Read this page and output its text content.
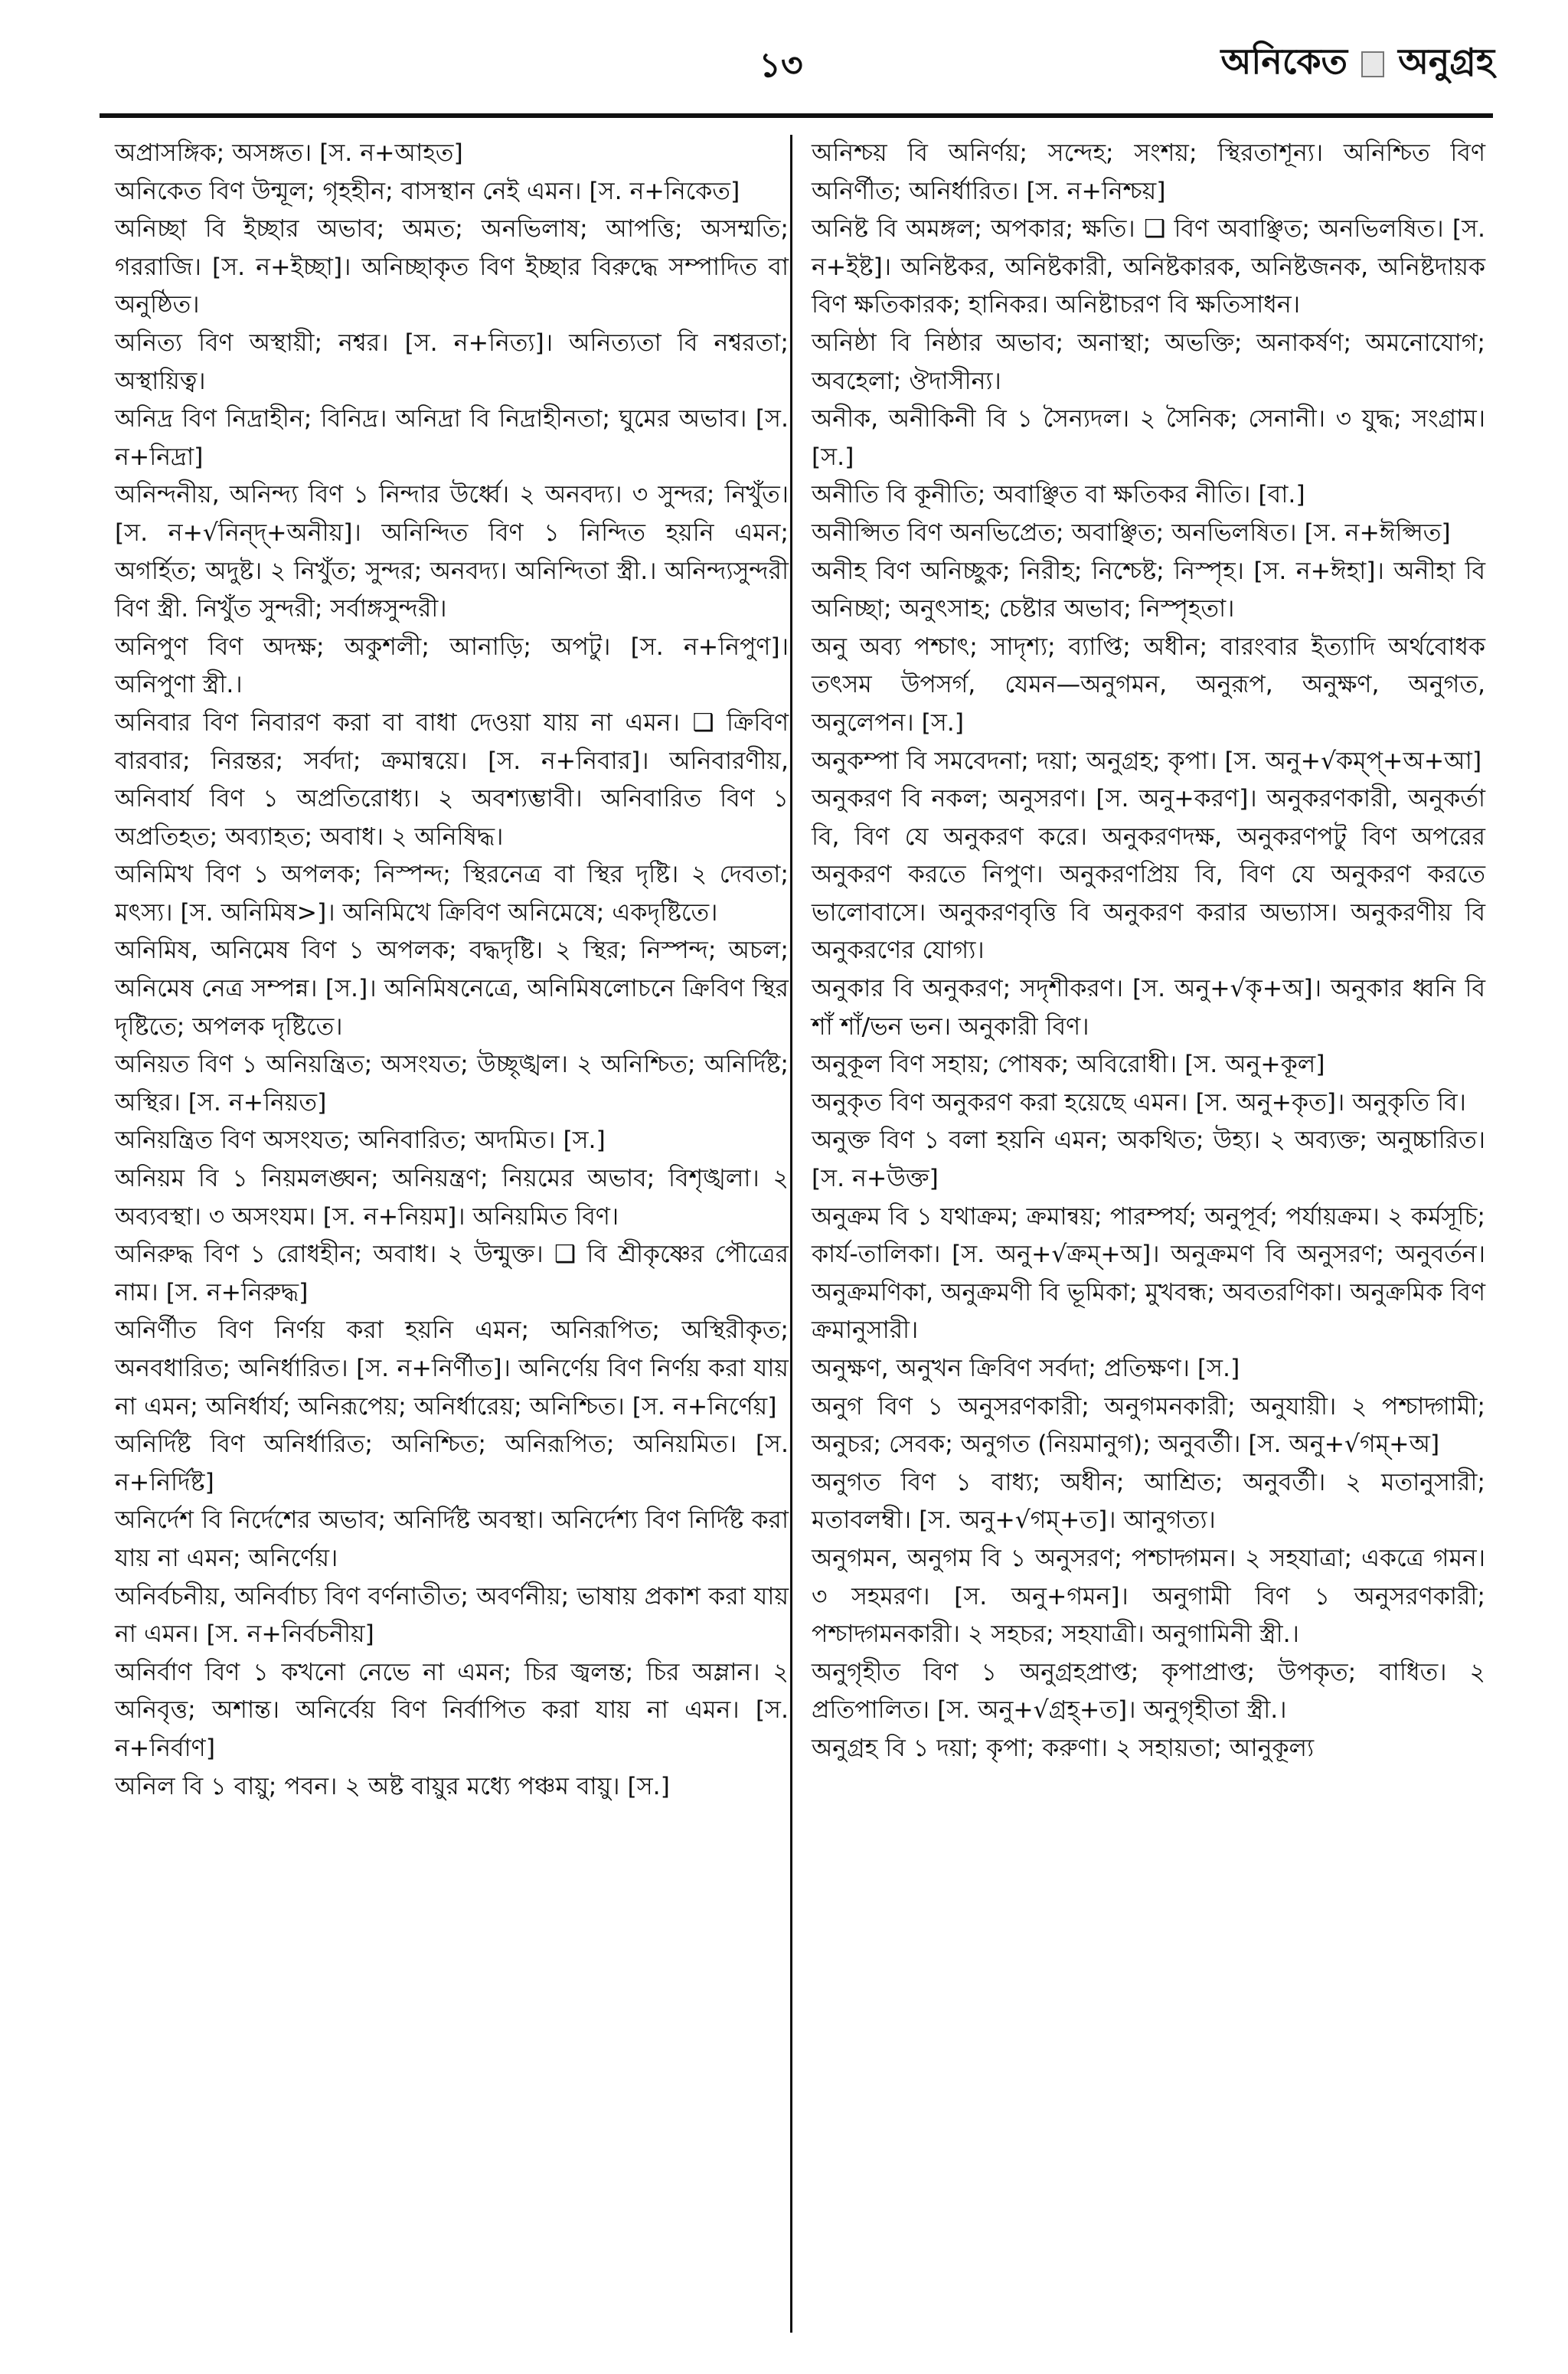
১৩	অনিকেত অনুগ্রহ

অপ্রাসঙ্গিক; অসঙ্গত। [স. ন+আহত]

অনিকেত বিণ উন্মূল; গৃহহীন; বাসস্থান নেই এমন। [স. ন+নিকেত]

অনিচ্ছা বি ইচ্ছার অভাব; অমত; অনভিলাষ; আপত্তি; অসম্মতি; গররাজি। [স. ন+ইচ্ছা]। অনিচ্ছাকৃত বিণ ইচ্ছার বিরুদ্ধে সম্পাদিত বা অনুষ্ঠিত।

অনিত্য বিণ অস্থায়ী; নশ্বর। [স. ন+নিত্য]। অনিত্যতা বি নশ্বরতা; অস্থায়িত্ব।

অনিদ্র বিণ নিদ্রাহীন; বিনিদ্র। অনিদ্রা বি নিদ্রাহীনতা; ঘুমের অভাব। [স. ন+নিদ্রা]

অনিন্দনীয়, অনিন্দ্য বিণ ১ নিন্দার উর্ধ্বে। ২ অনবদ্য। ৩ সুন্দর; নিখুঁত। [স. ন+√নিন্দ্+অনীয়]। অনিন্দিত বিণ ১ নিন্দিত হয়নি এমন; অগর্হিত; অদুষ্ট। ২ নিখুঁত; সুন্দর; অনবদ্য। অনিন্দিতা স্ত্রী.। অনিন্দ্যসুন্দরী বিণ স্ত্রী. নিখুঁত সুন্দরী; সর্বাঙ্গসুন্দরী।

অনিপুণ বিণ অদক্ষ; অকুশলী; আনাড়ি; অপটু। [স. ন+নিপুণ]। অনিপুণা স্ত্রী.।

অনিবার বিণ নিবারণ করা বা বাধা দেওয়া যায় না এমন। ❑ ক্রিবিণ বারবার; নিরন্তর; সর্বদা; ক্রমান্বয়ে। [স. ন+নিবার]। অনিবারণীয়, অনিবার্য বিণ ১ অপ্রতিরোধ্য। ২ অবশ্যম্ভাবী। অনিবারিত বিণ ১ অপ্রতিহত; অব্যাহত; অবাধ। ২ অনিষিদ্ধ।

অনিমিখ বিণ ১ অপলক; নিস্পন্দ; স্থিরনেত্র বা স্থির দৃষ্টি। ২ দেবতা; মৎস্য। [স. অনিমিষ>]। অনিমিখে ক্রিবিণ অনিমেষে; একদৃষ্টিতে।

অনিমিষ, অনিমেষ বিণ ১ অপলক; বদ্ধদৃষ্টি। ২ স্থির; নিস্পন্দ; অচল; অনিমেষ নেত্র সম্পন্ন। [স.]। অনিমিষনেত্রে, অনিমিষলোচনে ক্রিবিণ স্থির দৃষ্টিতে; অপলক দৃষ্টিতে।

অনিয়ত বিণ ১ অনিয়ন্ত্রিত; অসংযত; উচ্ছৃঙ্খল। ২ অনিশ্চিত; অনির্দিষ্ট; অস্থির। [স. ন+নিয়ত]

অনিয়ন্ত্রিত বিণ অসংযত; অনিবারিত; অদমিত। [স.]

অনিয়ম বি ১ নিয়মলঙ্ঘন; অনিয়ন্ত্রণ; নিয়মের অভাব; বিশৃঙ্খলা। ২ অব্যবস্থা। ৩ অসংযম। [স. ন+নিয়ম]। অনিয়মিত বিণ।

অনিরুদ্ধ বিণ ১ রোধহীন; অবাধ। ২ উন্মুক্ত। ❑ বি শ্রীকৃষ্ণের পৌত্রের নাম। [স. ন+নিরুদ্ধ]

অনির্ণীত বিণ নির্ণয় করা হয়নি এমন; অনিরূপিত; অস্থিরীকৃত; অনবধারিত; অনির্ধারিত। [স. ন+নির্ণীত]। অনির্ণেয় বিণ নির্ণয় করা যায় না এমন; অনির্ধার্য; অনিরূপেয়; অনির্ধারেয়; অনিশ্চিত। [স. ন+নির্ণেয়]

অনির্দিষ্ট বিণ অনির্ধারিত; অনিশ্চিত; অনিরূপিত; অনিয়মিত। [স. ন+নির্দিষ্ট]

অনির্দেশ বি নির্দেশের অভাব; অনির্দিষ্ট অবস্থা। অনির্দেশ্য বিণ নির্দিষ্ট করা যায় না এমন; অনির্ণেয়।

অনির্বচনীয়, অনির্বাচ্য বিণ বর্ণনাতীত; অবর্ণনীয়; ভাষায় প্রকাশ করা যায় না এমন। [স. ন+নির্বচনীয়]

অনির্বাণ বিণ ১ কখনো নেভে না এমন; চির জ্বলন্ত; চির অম্লান। ২ অনিবৃত্ত; অশান্ত। অনির্বেয় বিণ নির্বাপিত করা যায় না এমন। [স. ন+নির্বাণ]

অনিল বি ১ বায়ু; পবন। ২ অষ্ট বায়ুর মধ্যে পঞ্চম বায়ু। [স.]

অনিশ্চয় বি অনির্ণয়; সন্দেহ; সংশয়; স্থিরতাশূন্য। অনিশ্চিত বিণ অনির্ণীত; অনির্ধারিত। [স. ন+নিশ্চয়]

অনিষ্ট বি অমঙ্গল; অপকার; ক্ষতি। ❑ বিণ অবাঞ্ছিত; অনভিলষিত। [স. ন+ইষ্ট]। অনিষ্টকর, অনিষ্টকারী, অনিষ্টকারক, অনিষ্টজনক, অনিষ্টদায়ক বিণ ক্ষতিকারক; হানিকর। অনিষ্টাচরণ বি ক্ষতিসাধন।

অনিষ্ঠা বি নিষ্ঠার অভাব; অনাস্থা; অভক্তি; অনাকর্ষণ; অমনোযোগ; অবহেলা; ঔদাসীন্য।

অনীক, অনীকিনী বি ১ সৈন্যদল। ২ সৈনিক; সেনানী। ৩ যুদ্ধ; সংগ্রাম। [স.]

অনীতি বি কূনীতি; অবাঞ্ছিত বা ক্ষতিকর নীতি। [বা.]

অনীপ্সিত বিণ অনভিপ্রেত; অবাঞ্ছিত; অনভিলষিত। [স. ন+ঈপ্সিত]

অনীহ বিণ অনিচ্ছুক; নিরীহ; নিশ্চেষ্ট; নিস্পৃহ। [স. ন+ঈহা]। অনীহা বি অনিচ্ছা; অনুৎসাহ; চেষ্টার অভাব; নিস্পৃহতা।

অনু অব্য পশ্চাৎ; সাদৃশ্য; ব্যাপ্তি; অধীন; বারংবার ইত্যাদি অর্থবোধক তৎসম উপসর্গ, যেমন—অনুগমন, অনুরূপ, অনুক্ষণ, অনুগত, অনুলেপন। [স.]

অনুকম্পা বি সমবেদনা; দয়া; অনুগ্রহ; কৃপা। [স. অনু+√কম্প্+অ+আ]

অনুকরণ বি নকল; অনুসরণ। [স. অনু+করণ]। অনুকরণকারী, অনুকর্তা বি, বিণ যে অনুকরণ করে। অনুকরণদক্ষ, অনুকরণপটু বিণ অপরের অনুকরণ করতে নিপুণ। অনুকরণপ্রিয় বি, বিণ যে অনুকরণ করতে ভালোবাসে। অনুকরণবৃত্তি বি অনুকরণ করার অভ্যাস। অনুকরণীয় বি অনুকরণের যোগ্য।

অনুকার বি অনুকরণ; সদৃশীকরণ। [স. অনু+√কৃ+অ]। অনুকার ধ্বনি বি শাঁ শাঁ/ভন ভন। অনুকারী বিণ।

অনুকূল বিণ সহায়; পোষক; অবিরোধী। [স. অনু+কূল]

অনুকৃত বিণ অনুকরণ করা হয়েছে এমন। [স. অনু+কৃত]। অনুকৃতি বি।

অনুক্ত বিণ ১ বলা হয়নি এমন; অকথিত; উহ্য। ২ অব্যক্ত; অনুচ্চারিত। [স. ন+উক্ত]

অনুক্রম বি ১ যথাক্রম; ক্রমান্বয়; পারম্পর্য; অনুপূর্ব; পর্যায়ক্রম। ২ কর্মসূচি; কার্য-তালিকা। [স. অনু+√ক্রম্+অ]। অনুক্রমণ বি অনুসরণ; অনুবর্তন। অনুক্রমণিকা, অনুক্রমণী বি ভূমিকা; মুখবন্ধ; অবতরণিকা। অনুক্রমিক বিণ ক্রমানুসারী।

অনুক্ষণ, অনুখন ক্রিবিণ সর্বদা; প্রতিক্ষণ। [স.]

অনুগ বিণ ১ অনুসরণকারী; অনুগমনকারী; অনুযায়ী। ২ পশ্চাদ্গামী; অনুচর; সেবক; অনুগত (নিয়মানুগ); অনুবর্তী। [স. অনু+√গম্+অ]

অনুগত বিণ ১ বাধ্য; অধীন; আশ্রিত; অনুবর্তী। ২ মতানুসারী; মতাবলম্বী। [স. অনু+√গম্+ত]। আনুগত্য।

অনুগমন, অনুগম বি ১ অনুসরণ; পশ্চাদ্গমন। ২ সহযাত্রা; একত্রে গমন। ৩ সহমরণ। [স. অনু+গমন]। অনুগামী বিণ ১ অনুসরণকারী; পশ্চাদ্গমনকারী। ২ সহচর; সহযাত্রী। অনুগামিনী স্ত্রী.।

অনুগৃহীত বিণ ১ অনুগ্রহপ্রাপ্ত; কৃপাপ্রাপ্ত; উপকৃত; বাধিত। ২ প্রতিপালিত। [স. অনু+√গ্রহ্+ত]। অনুগৃহীতা স্ত্রী.।

অনুগ্রহ বি ১ দয়া; কৃপা; করুণা। ২ সহায়তা; আনুকূল্য
